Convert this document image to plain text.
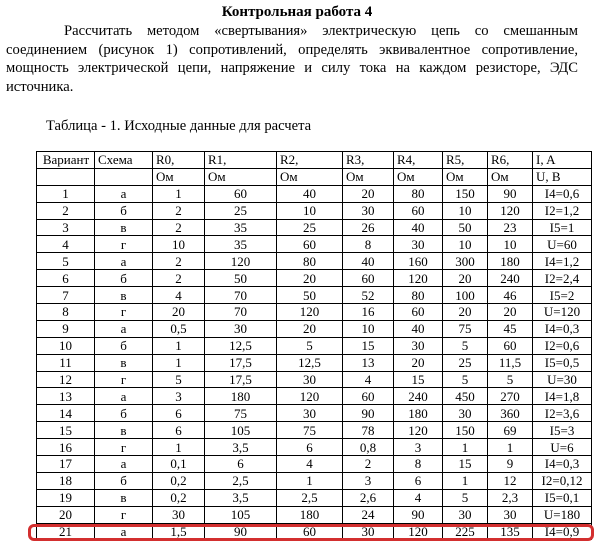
Контрольная работа 4

Рассчитать методом «свертывания» электрическую цепь со смешанным соединением (рисунок 1) сопротивлений, определять эквивалентное сопротивление, мощность электрической цепи, напряжение и силу тока на каждом резисторе, ЭДС источника.

Таблица - 1. Исходные данные для расчета
Вариант	Схема	R0,	R1,	R2,	R3,	R4,	R5,	R6,	I, A
		Ом	Ом	Ом	Ом	Ом	Ом	Ом	U, B
1	а	1	60	40	20	80	150	90	I4=0,6
2	б	2	25	10	30	60	10	120	I2=1,2
3	в	2	35	25	26	40	50	23	I5=1
4	г	10	35	60	8	30	10	10	U=60
5	а	2	120	80	40	160	300	180	I4=1,2
6	б	2	50	20	60	120	20	240	I2=2,4
7	в	4	70	50	52	80	100	46	I5=2
8	г	20	70	120	16	60	20	20	U=120
9	а	0,5	30	20	10	40	75	45	I4=0,3
10	б	1	12,5	5	15	30	5	60	I2=0,6
11	в	1	17,5	12,5	13	20	25	11,5	I5=0,5
12	г	5	17,5	30	4	15	5	5	U=30
13	а	3	180	120	60	240	450	270	I4=1,8
14	б	6	75	30	90	180	30	360	I2=3,6
15	в	6	105	75	78	120	150	69	I5=3
16	г	1	3,5	6	0,8	3	1	1	U=6
17	а	0,1	6	4	2	8	15	9	I4=0,3
18	б	0,2	2,5	1	3	6	1	12	I2=0,12
19	в	0,2	3,5	2,5	2,6	4	5	2,3	I5=0,1
20	г	30	105	180	24	90	30	30	U=180
21	а	1,5	90	60	30	120	225	135	I4=0,9
